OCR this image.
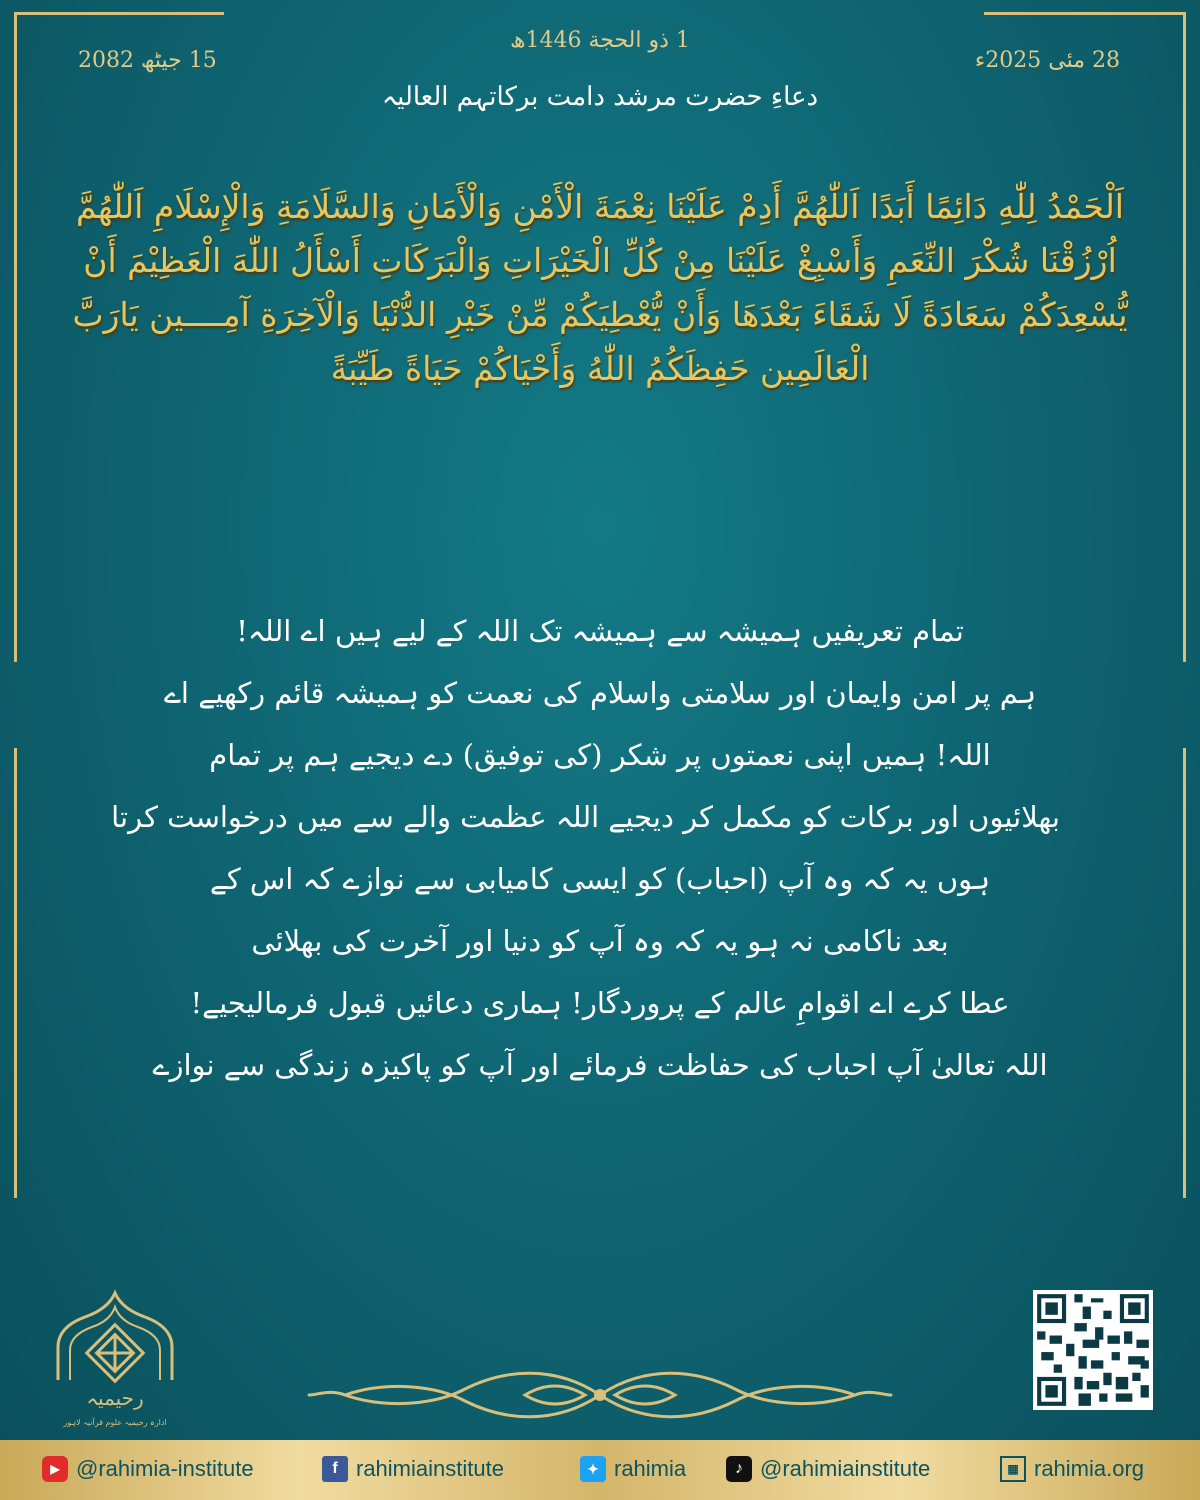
1 ذو الحجة 1446ھ
28 مئی 2025ء
15 جیٹھ 2082
دعاءِ حضرت مرشد دامت برکاتہم العالیہ
اَلْحَمْدُ لِلّٰهِ دَائِمًا أَبَدًا اَللّٰهُمَّ أَدِمْ عَلَيْنَا نِعْمَةَ الْأَمْنِ وَالْأَمَانِ وَالسَّلَامَةِ وَالْإِسْلَامِ اَللّٰهُمَّ اُرْزُقْنَا شُكْرَ النِّعَمِ وَأَسْبِغْ عَلَيْنَا مِنْ كُلِّ الْخَيْرَاتِ وَالْبَرَكَاتِ أَسْأَلُ اللّٰهَ الْعَظِيْمَ أَنْ يُّسْعِدَكُمْ سَعَادَةً لَا شَقَاءَ بَعْدَهَا وَأَنْ يُّعْطِيَكُمْ مِّنْ خَيْرِ الدُّنْيَا وَالْآخِرَةِ آمِــــين يَارَبَّ الْعَالَمِين حَفِظَكُمُ اللّٰهُ وَأَحْيَاكُمْ حَيَاةً طَيِّبَةً
تمام تعریفیں ہمیشہ سے ہمیشہ تک اللہ کے لیے ہیں اے اللہ!
ہم پر امن وایمان اور سلامتی واسلام کی نعمت کو ہمیشہ قائم رکھیے اے
اللہ! ہمیں اپنی نعمتوں پر شکر (کی توفیق) دے دیجیے ہم پر تمام
بھلائیوں اور برکات کو مکمل کر دیجیے اللہ عظمت والے سے میں درخواست کرتا
ہوں یہ کہ وہ آپ (احباب) کو ایسی کامیابی سے نوازے کہ اس کے
بعد ناکامی نہ ہو یہ کہ وہ آپ کو دنیا اور آخرت کی بھلائی
عطا کرے اے اقوامِ عالم کے پروردگار! ہماری دعائیں قبول فرمالیجیے!
اللہ تعالیٰ آپ احباب کی حفاظت فرمائے اور آپ کو پاکیزہ زندگی سے نوازے
رحیمیہ
ادارہ رحیمیہ علوم قرآنیہ لاہور
▶ @rahimia-institute	f rahimiainstitute	✦ rahimia	♪ @rahimiainstitute	▦ rahimia.org
